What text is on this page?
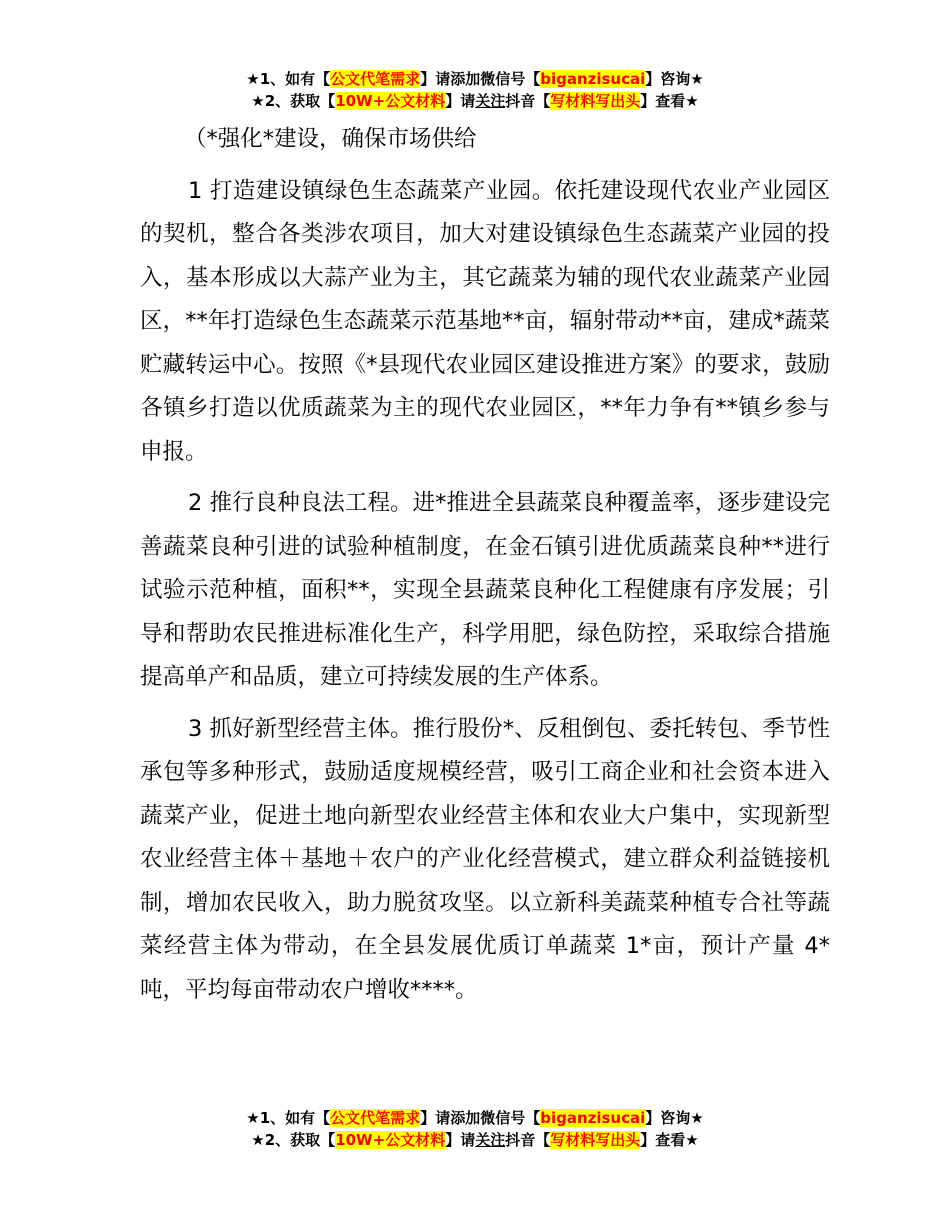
★1、如有【公文代笔需求】请添加微信号【biganzisucai】咨询★
★2、获取【10W+公文材料】请关注抖音【写材料写出头】查看★

（*强化*建设，确保市场供给

1 打造建设镇绿色生态蔬菜产业园。依托建设现代农业产业园区的契机，整合各类涉农项目，加大对建设镇绿色生态蔬菜产业园的投入，基本形成以大蒜产业为主，其它蔬菜为辅的现代农业蔬菜产业园区，**年打造绿色生态蔬菜示范基地**亩，辐射带动**亩，建成*蔬菜贮藏转运中心。按照《*县现代农业园区建设推进方案》的要求，鼓励各镇乡打造以优质蔬菜为主的现代农业园区，**年力争有**镇乡参与申报。

2 推行良种良法工程。进*推进全县蔬菜良种覆盖率，逐步建设完善蔬菜良种引进的试验种植制度，在金石镇引进优质蔬菜良种**进行试验示范种植，面积**，实现全县蔬菜良种化工程健康有序发展；引导和帮助农民推进标准化生产，科学用肥，绿色防控，采取综合措施提高单产和品质，建立可持续发展的生产体系。

3 抓好新型经营主体。推行股份*、反租倒包、委托转包、季节性承包等多种形式，鼓励适度规模经营，吸引工商企业和社会资本进入蔬菜产业，促进土地向新型农业经营主体和农业大户集中，实现新型农业经营主体＋基地＋农户的产业化经营模式，建立群众利益链接机制，增加农民收入，助力脱贫攻坚。以立新科美蔬菜种植专合社等蔬菜经营主体为带动，在全县发展优质订单蔬菜 1*亩，预计产量 4*吨，平均每亩带动农户增收****。

★1、如有【公文代笔需求】请添加微信号【biganzisucai】咨询★
★2、获取【10W+公文材料】请关注抖音【写材料写出头】查看★
